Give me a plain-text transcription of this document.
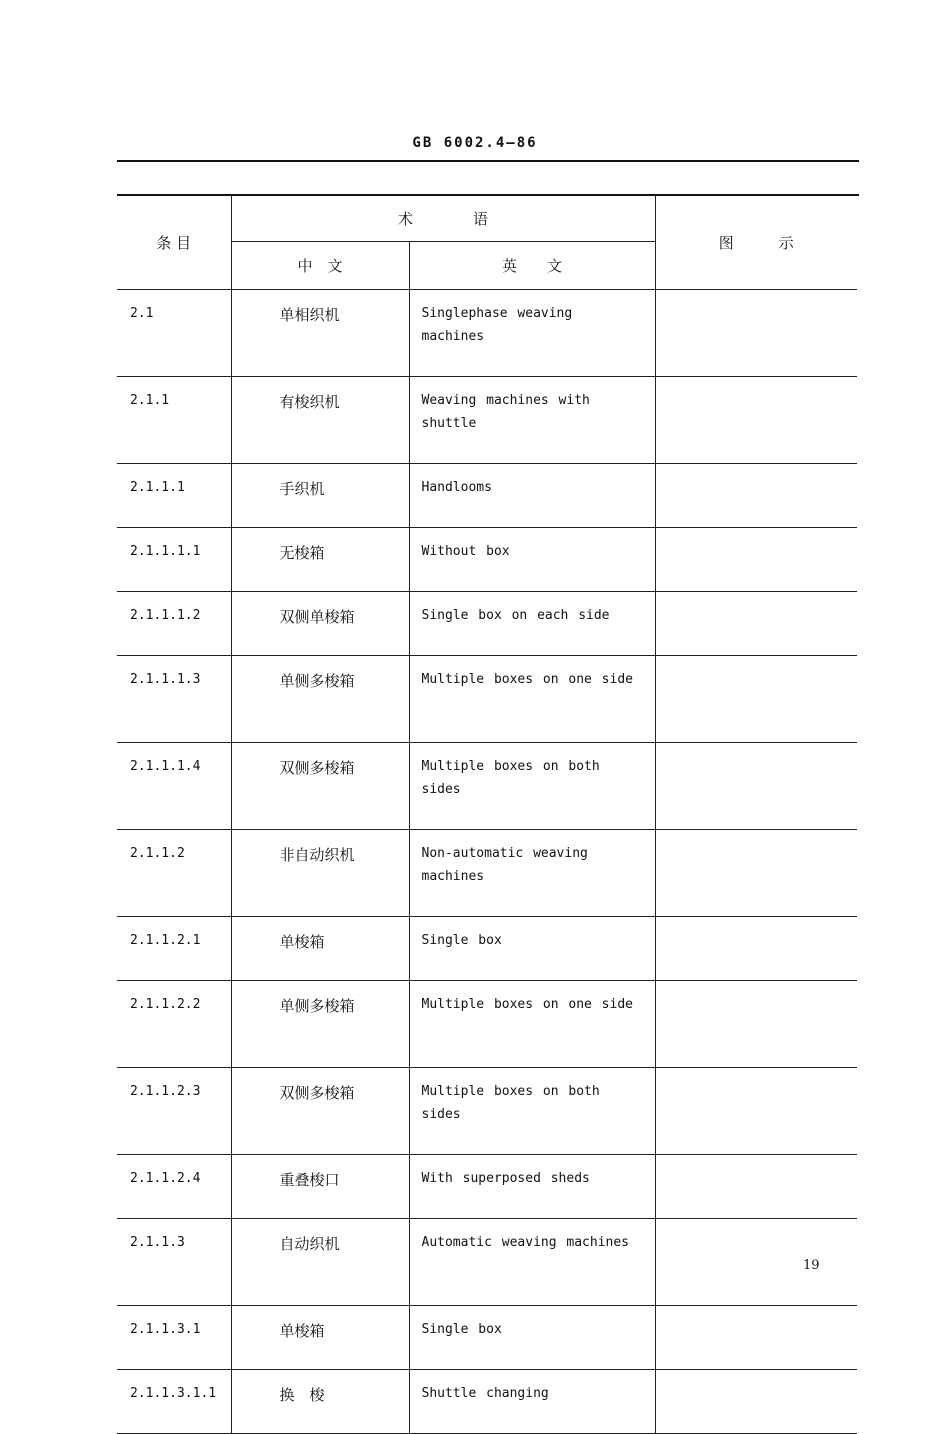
GB 6002.4—86
条 目	术　　　　语		图　　　示
	中　文	英　　文	
2.1	单相织机	Singlephase weaving machines	
2.1.1	有梭织机	Weaving machines with shuttle	
2.1.1.1	手织机	Handlooms	
2.1.1.1.1	无梭箱	Without box	
2.1.1.1.2	双侧单梭箱	Single box on each side	
2.1.1.1.3	单侧多梭箱	Multiple boxes on one side	
2.1.1.1.4	双侧多梭箱	Multiple boxes on both sides	
2.1.1.2	非自动织机	Non-automatic weaving machines	
2.1.1.2.1	单梭箱	Single box	
2.1.1.2.2	单侧多梭箱	Multiple boxes on one side	
2.1.1.2.3	双侧多梭箱	Multiple boxes on both sides	
2.1.1.2.4	重叠梭口	With superposed sheds	
2.1.1.3	自动织机	Automatic weaving machines	
2.1.1.3.1	单梭箱	Single box	
2.1.1.3.1.1	换　梭	Shuttle changing	
19
